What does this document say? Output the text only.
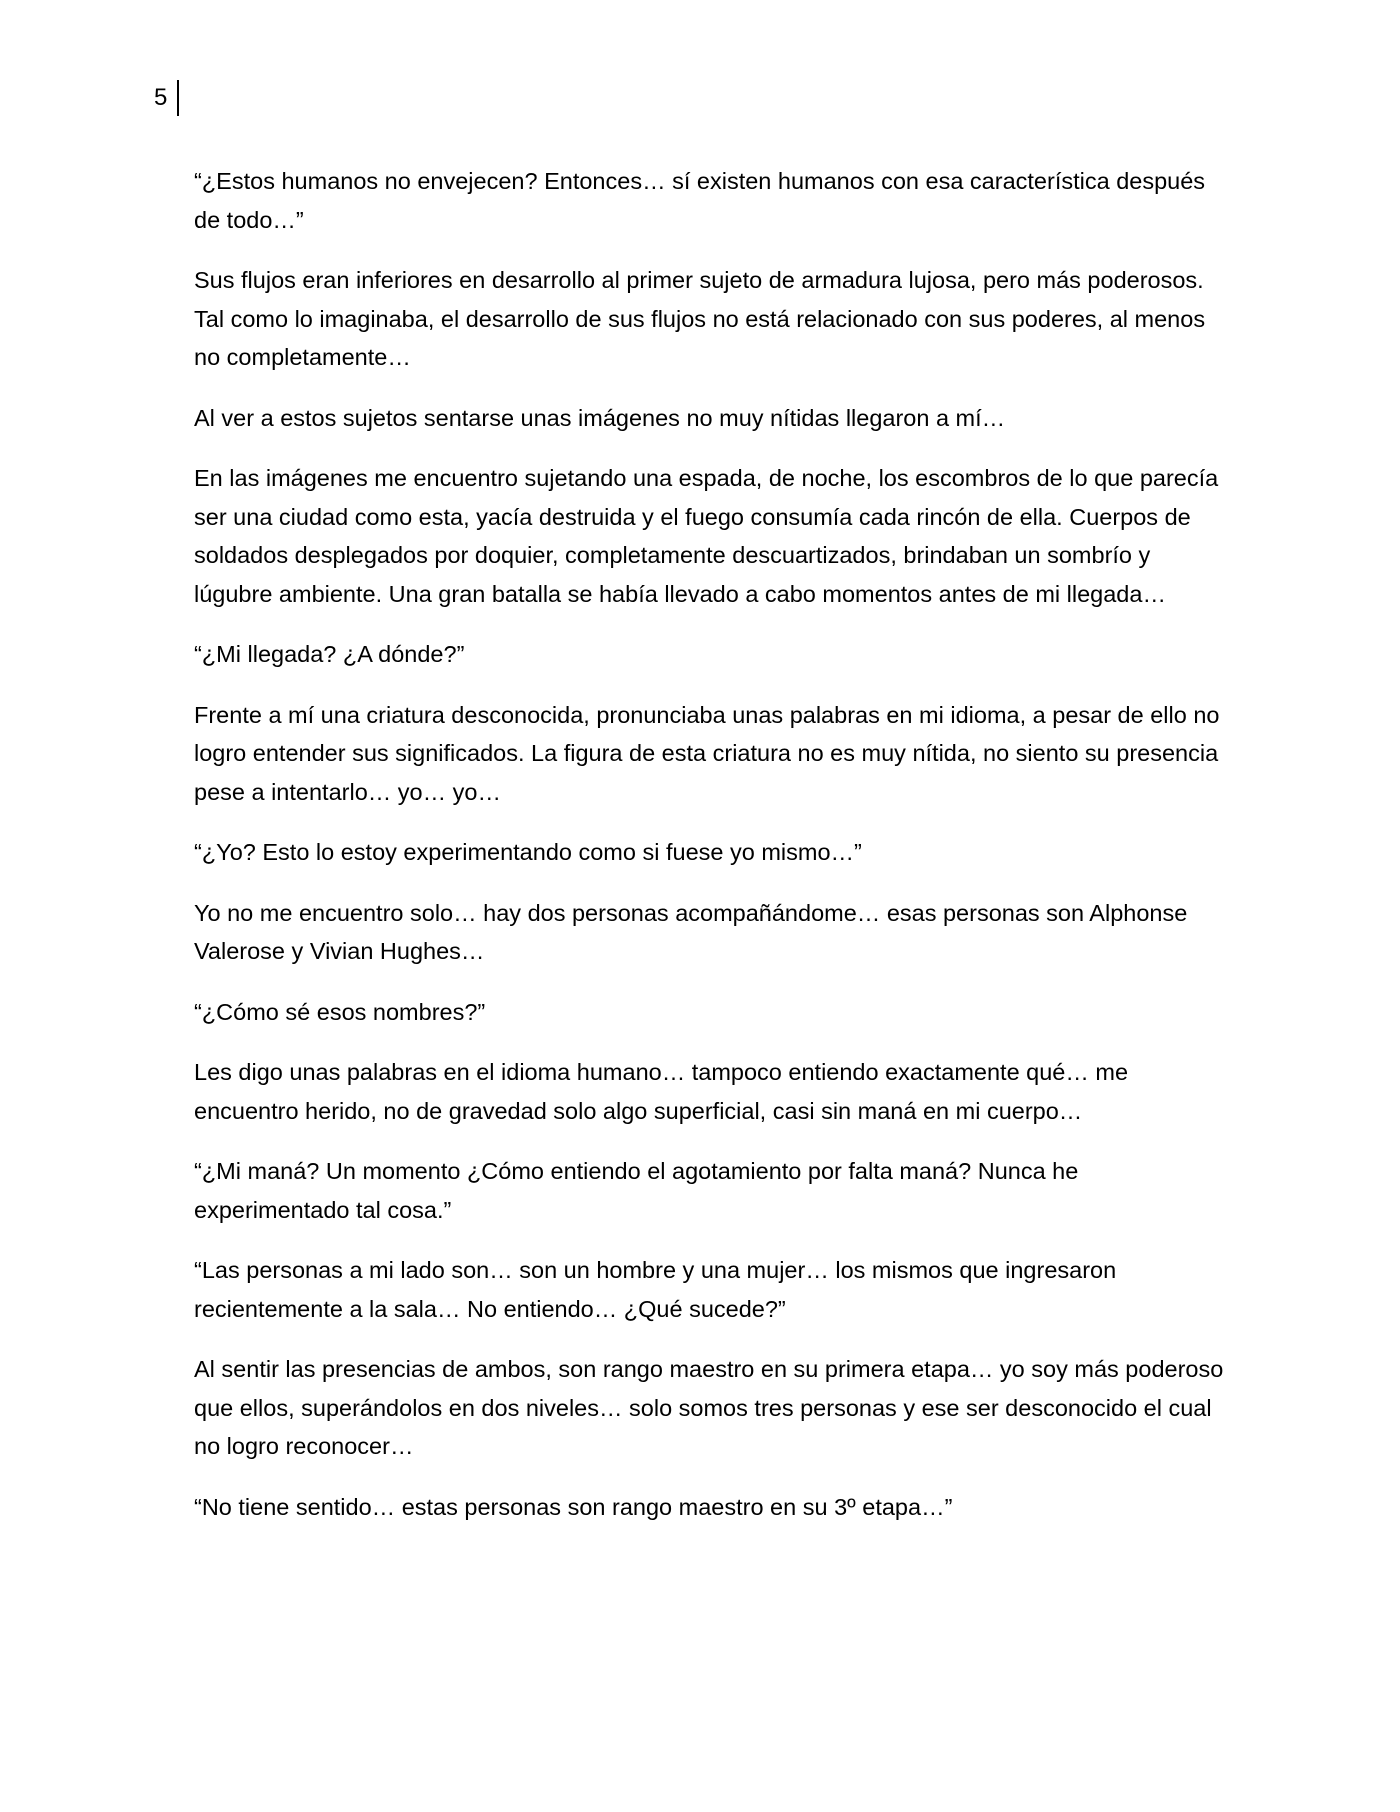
5

“¿Estos humanos no envejecen? Entonces… sí existen humanos con esa característica después de todo…”

Sus flujos eran inferiores en desarrollo al primer sujeto de armadura lujosa, pero más poderosos. Tal como lo imaginaba, el desarrollo de sus flujos no está relacionado con sus poderes, al menos no completamente…

Al ver a estos sujetos sentarse unas imágenes no muy nítidas llegaron a mí…

En las imágenes me encuentro sujetando una espada, de noche, los escombros de lo que parecía ser una ciudad como esta, yacía destruida y el fuego consumía cada rincón de ella. Cuerpos de soldados desplegados por doquier, completamente descuartizados, brindaban un sombrío y lúgubre ambiente. Una gran batalla se había llevado a cabo momentos antes de mi llegada…

“¿Mi llegada? ¿A dónde?”

Frente a mí una criatura desconocida, pronunciaba unas palabras en mi idioma, a pesar de ello no logro entender sus significados. La figura de esta criatura no es muy nítida, no siento su presencia pese a intentarlo… yo… yo…

“¿Yo? Esto lo estoy experimentando como si fuese yo mismo…”

Yo no me encuentro solo… hay dos personas acompañándome… esas personas son Alphonse Valerose y Vivian Hughes…

“¿Cómo sé esos nombres?”

Les digo unas palabras en el idioma humano… tampoco entiendo exactamente qué… me encuentro herido, no de gravedad solo algo superficial, casi sin maná en mi cuerpo…

“¿Mi maná? Un momento ¿Cómo entiendo el agotamiento por falta maná? Nunca he experimentado tal cosa.”

“Las personas a mi lado son… son un hombre y una mujer… los mismos que ingresaron recientemente a la sala… No entiendo… ¿Qué sucede?”

Al sentir las presencias de ambos, son rango maestro en su primera etapa… yo soy más poderoso que ellos, superándolos en dos niveles… solo somos tres personas y ese ser desconocido el cual no logro reconocer…

“No tiene sentido… estas personas son rango maestro en su 3º etapa…”
